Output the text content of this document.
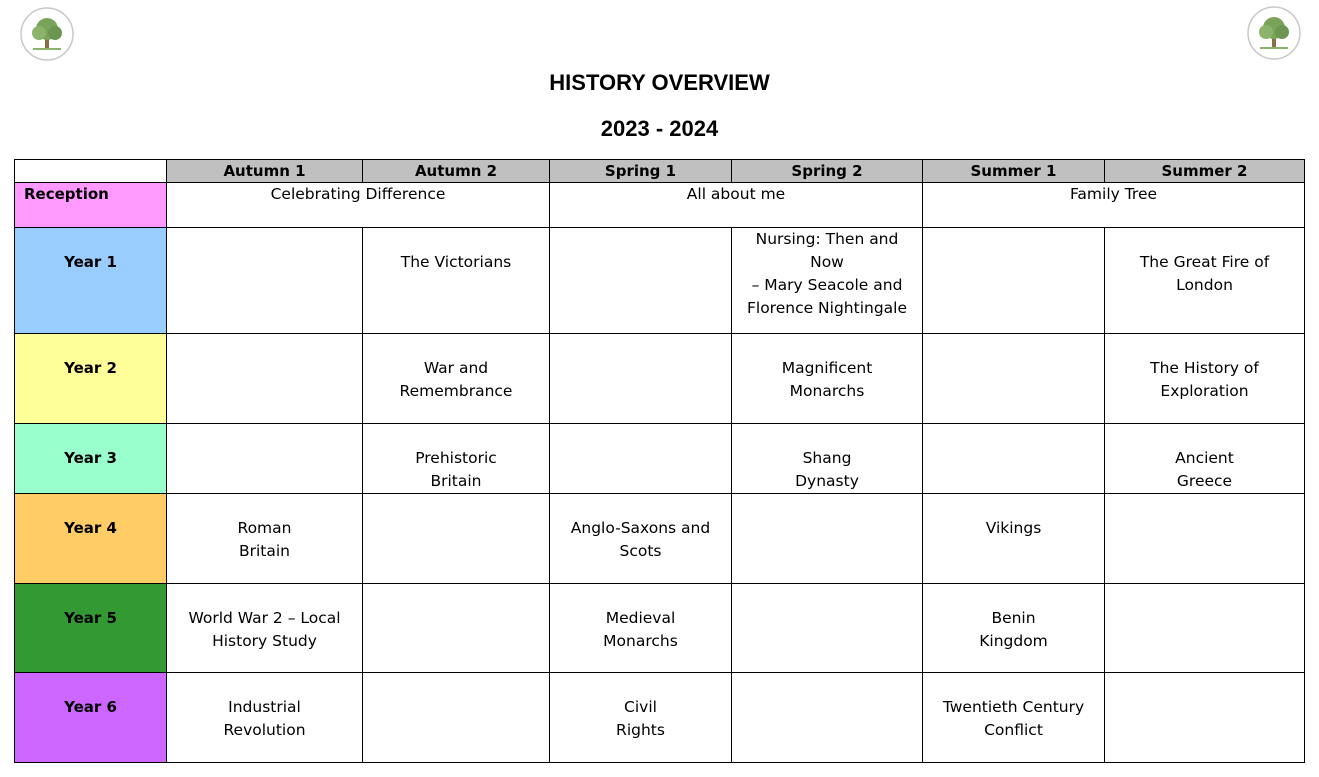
HISTORY OVERVIEW
2023 - 2024
	Autumn 1	Autumn 2	Spring 1	Spring 2	Summer 1	Summer 2
Reception	Celebrating Difference		All about me		Family Tree	

Year 1		The Victorians		Nursing: Then and Now
– Mary Seacole and
Florence Nightingale		The Great Fire of
London

Year 2		War and
Remembrance		Magnificent
Monarchs		The History of
Exploration

Year 3		Prehistoric
Britain		Shang
Dynasty		Ancient
Greece

Year 4	Roman
Britain		Anglo-Saxons and
Scots		Vikings	

Year 5	World War 2 – Local
History Study		Medieval
Monarchs		Benin
Kingdom	

Year 6	Industrial
Revolution		Civil
Rights		Twentieth Century
Conflict	
